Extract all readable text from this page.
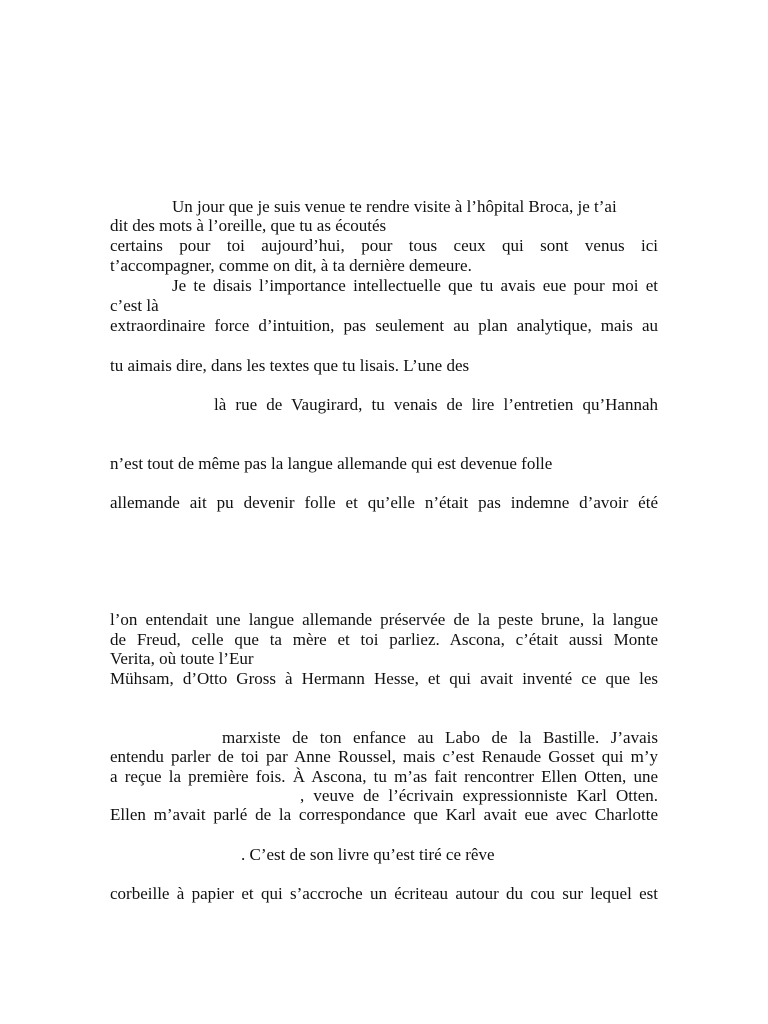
Un jour que je suis venue te rendre visite à l’hôpital Broca, je t’ai
dit des mots à l’oreille, que tu as écoutés
certains pour toi aujourd’hui, pour tous ceux qui sont venus ici
t’accompagner, comme on dit, à ta dernière demeure.
Je te disais l’importance intellectuelle que tu avais eue pour moi et
c’est là
extraordinaire force d’intuition, pas seulement au plan analytique, mais au
tu aimais dire, dans les textes que tu lisais. L’une des
là rue de Vaugirard, tu venais de lire l’entretien qu’Hannah
n’est tout de même pas la langue allemande qui est devenue folle
allemande ait pu devenir folle et qu’elle n’était pas indemne d’avoir été
l’on entendait une langue allemande préservée de la peste brune, la langue
de Freud, celle que ta mère et toi parliez. Ascona, c’était aussi Monte
Verita, où toute l’Eur
Mühsam, d’Otto Gross à Hermann Hesse, et qui avait inventé ce que les
marxiste de ton enfance au Labo de la Bastille. J’avais
entendu parler de toi par Anne Roussel, mais c’est Renaude Gosset qui m’y
a reçue la première fois. À Ascona, tu m’as fait rencontrer Ellen Otten, une
, veuve de l’écrivain expressionniste Karl Otten.
Ellen m’avait parlé de la correspondance que Karl avait eue avec Charlotte
. C’est de son livre qu’est tiré ce rêve
corbeille à papier et qui s’accroche un écriteau autour du cou sur lequel est
